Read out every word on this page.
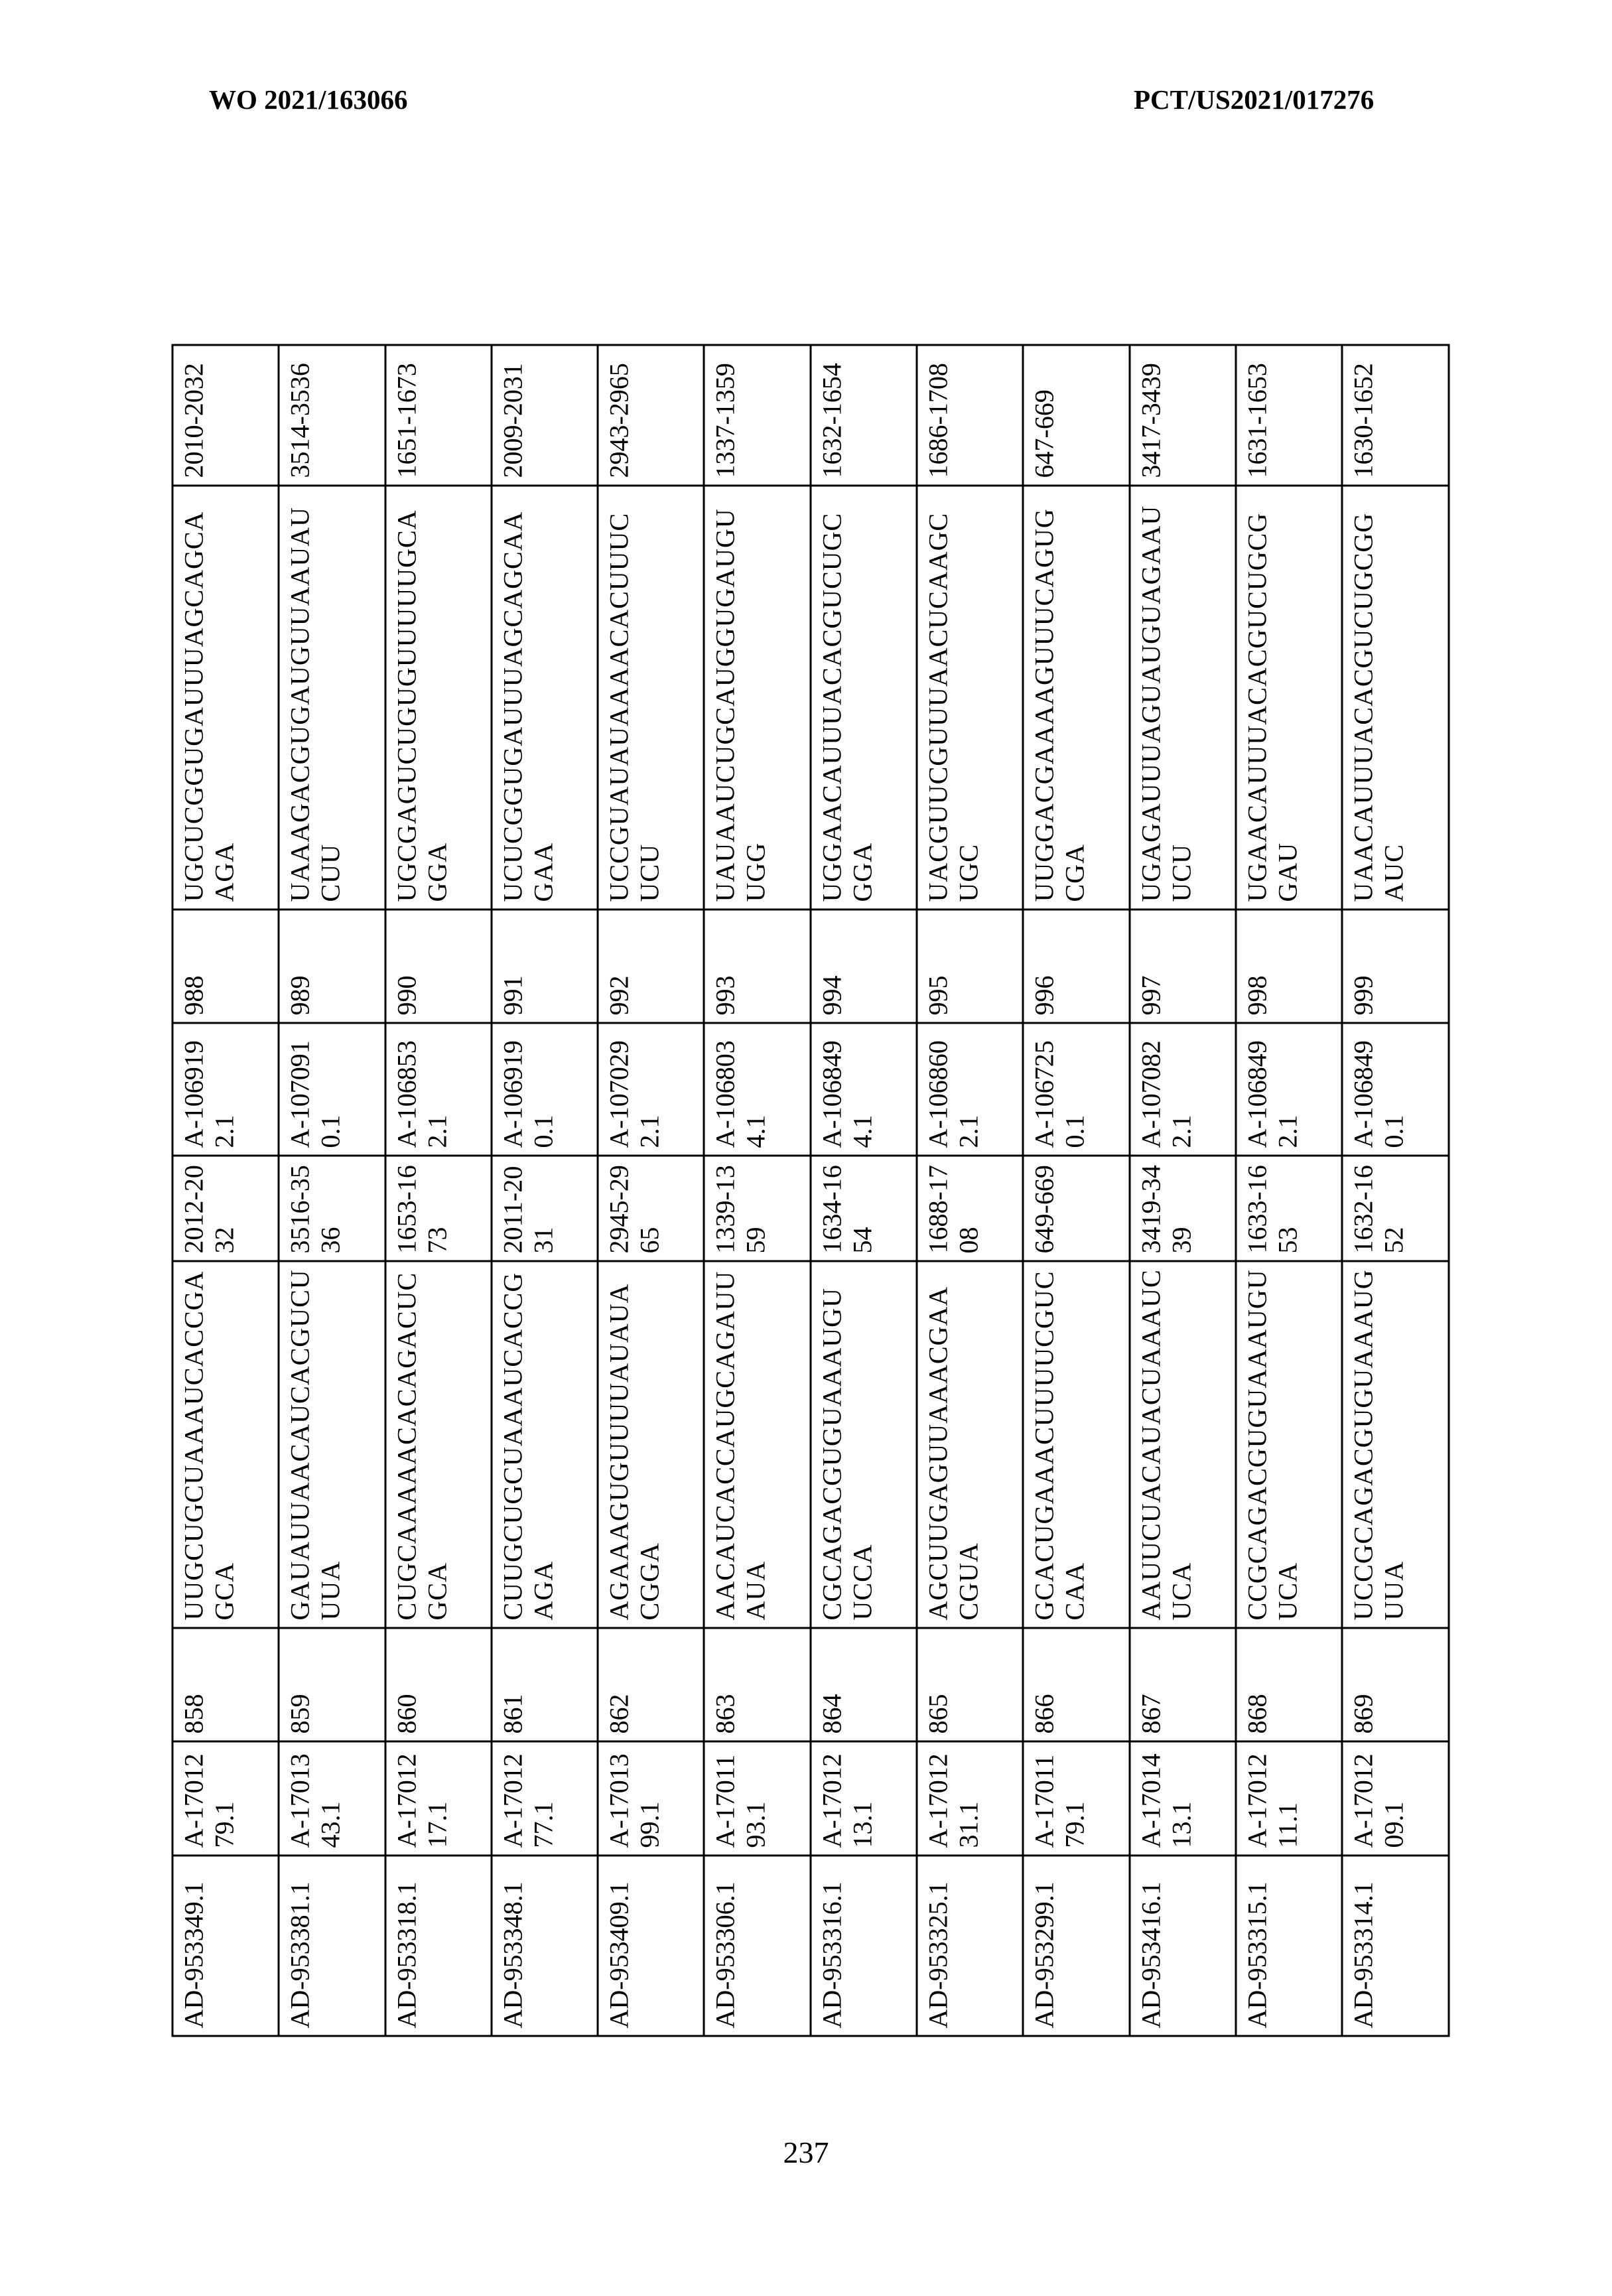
WO 2021/163066	PCT/US2021/017276
AD-953349.1	A-1701279.1	858	UUGCUGCUAAAUCACCGAGCA	2012-2032	A-1069192.1	988	UGCUCGGUGAUUUAGCAGCAAGA	2010-2032
AD-953381.1	A-1701343.1	859	GAUAUUAACAUCACGUCUUUA	3516-3536	A-1070910.1	989	UAAAGACGUGAUGUUAAUAUCUU	3514-3536
AD-953318.1	A-1701217.1	860	CUGCAAAAACACAGACUCGCA	1653-1673	A-1068532.1	990	UGCGAGUCUGUGUUUUUGCAGGA	1651-1673
AD-953348.1	A-1701277.1	861	CUUGCUGCUAAAUCACCGAGA	2011-2031	A-1069190.1	991	UCUCGGUGAUUUAGCAGCAAGAA	2009-2031
AD-953409.1	A-1701399.1	862	AGAAAGUGUUUUAUAUACGGA	2945-2965	A-1070292.1	992	UCCGUAUAUAAAACACUUUCUCU	2943-2965
AD-953306.1	A-1701193.1	863	AACAUCACCAUGCAGAUUAUA	1339-1359	A-1068034.1	993	UAUAAUCUGCAUGGUGAUGUUGG	1337-1359
AD-953316.1	A-1701213.1	864	CGCAGACGUGUAAAUGUUCCA	1634-1654	A-1068494.1	994	UGGAACAUUUACACGUCUGCGGA	1632-1654
AD-953325.1	A-1701231.1	865	AGCUUGAGUUAAACGAACGUA	1688-1708	A-1068602.1	995	UACGUUCGUUUAACUCAAGCUGC	1686-1708
AD-953299.1	A-1701179.1	866	GCACUGAAACUUUUCGUCCAA	649-669	A-1067250.1	996	UUGGACGAAAAGUUUCAGUGCGA	647-669
AD-953416.1	A-1701413.1	867	AAUUCUACAUACUAAAUCUCA	3419-3439	A-1070822.1	997	UGAGAUUUAGUAUGUAGAAUUCU	3417-3439
AD-953315.1	A-1701211.1	868	CCGCAGACGUGUAAAUGUUCA	1633-1653	A-1068492.1	998	UGAACAUUUACACGUCUGCGGAU	1631-1653
AD-953314.1	A-1701209.1	869	UCCGCAGACGUGUAAAUGUUA	1632-1652	A-1068490.1	999	UAACAUUUACACGUCUGCGGAUC	1630-1652
237
